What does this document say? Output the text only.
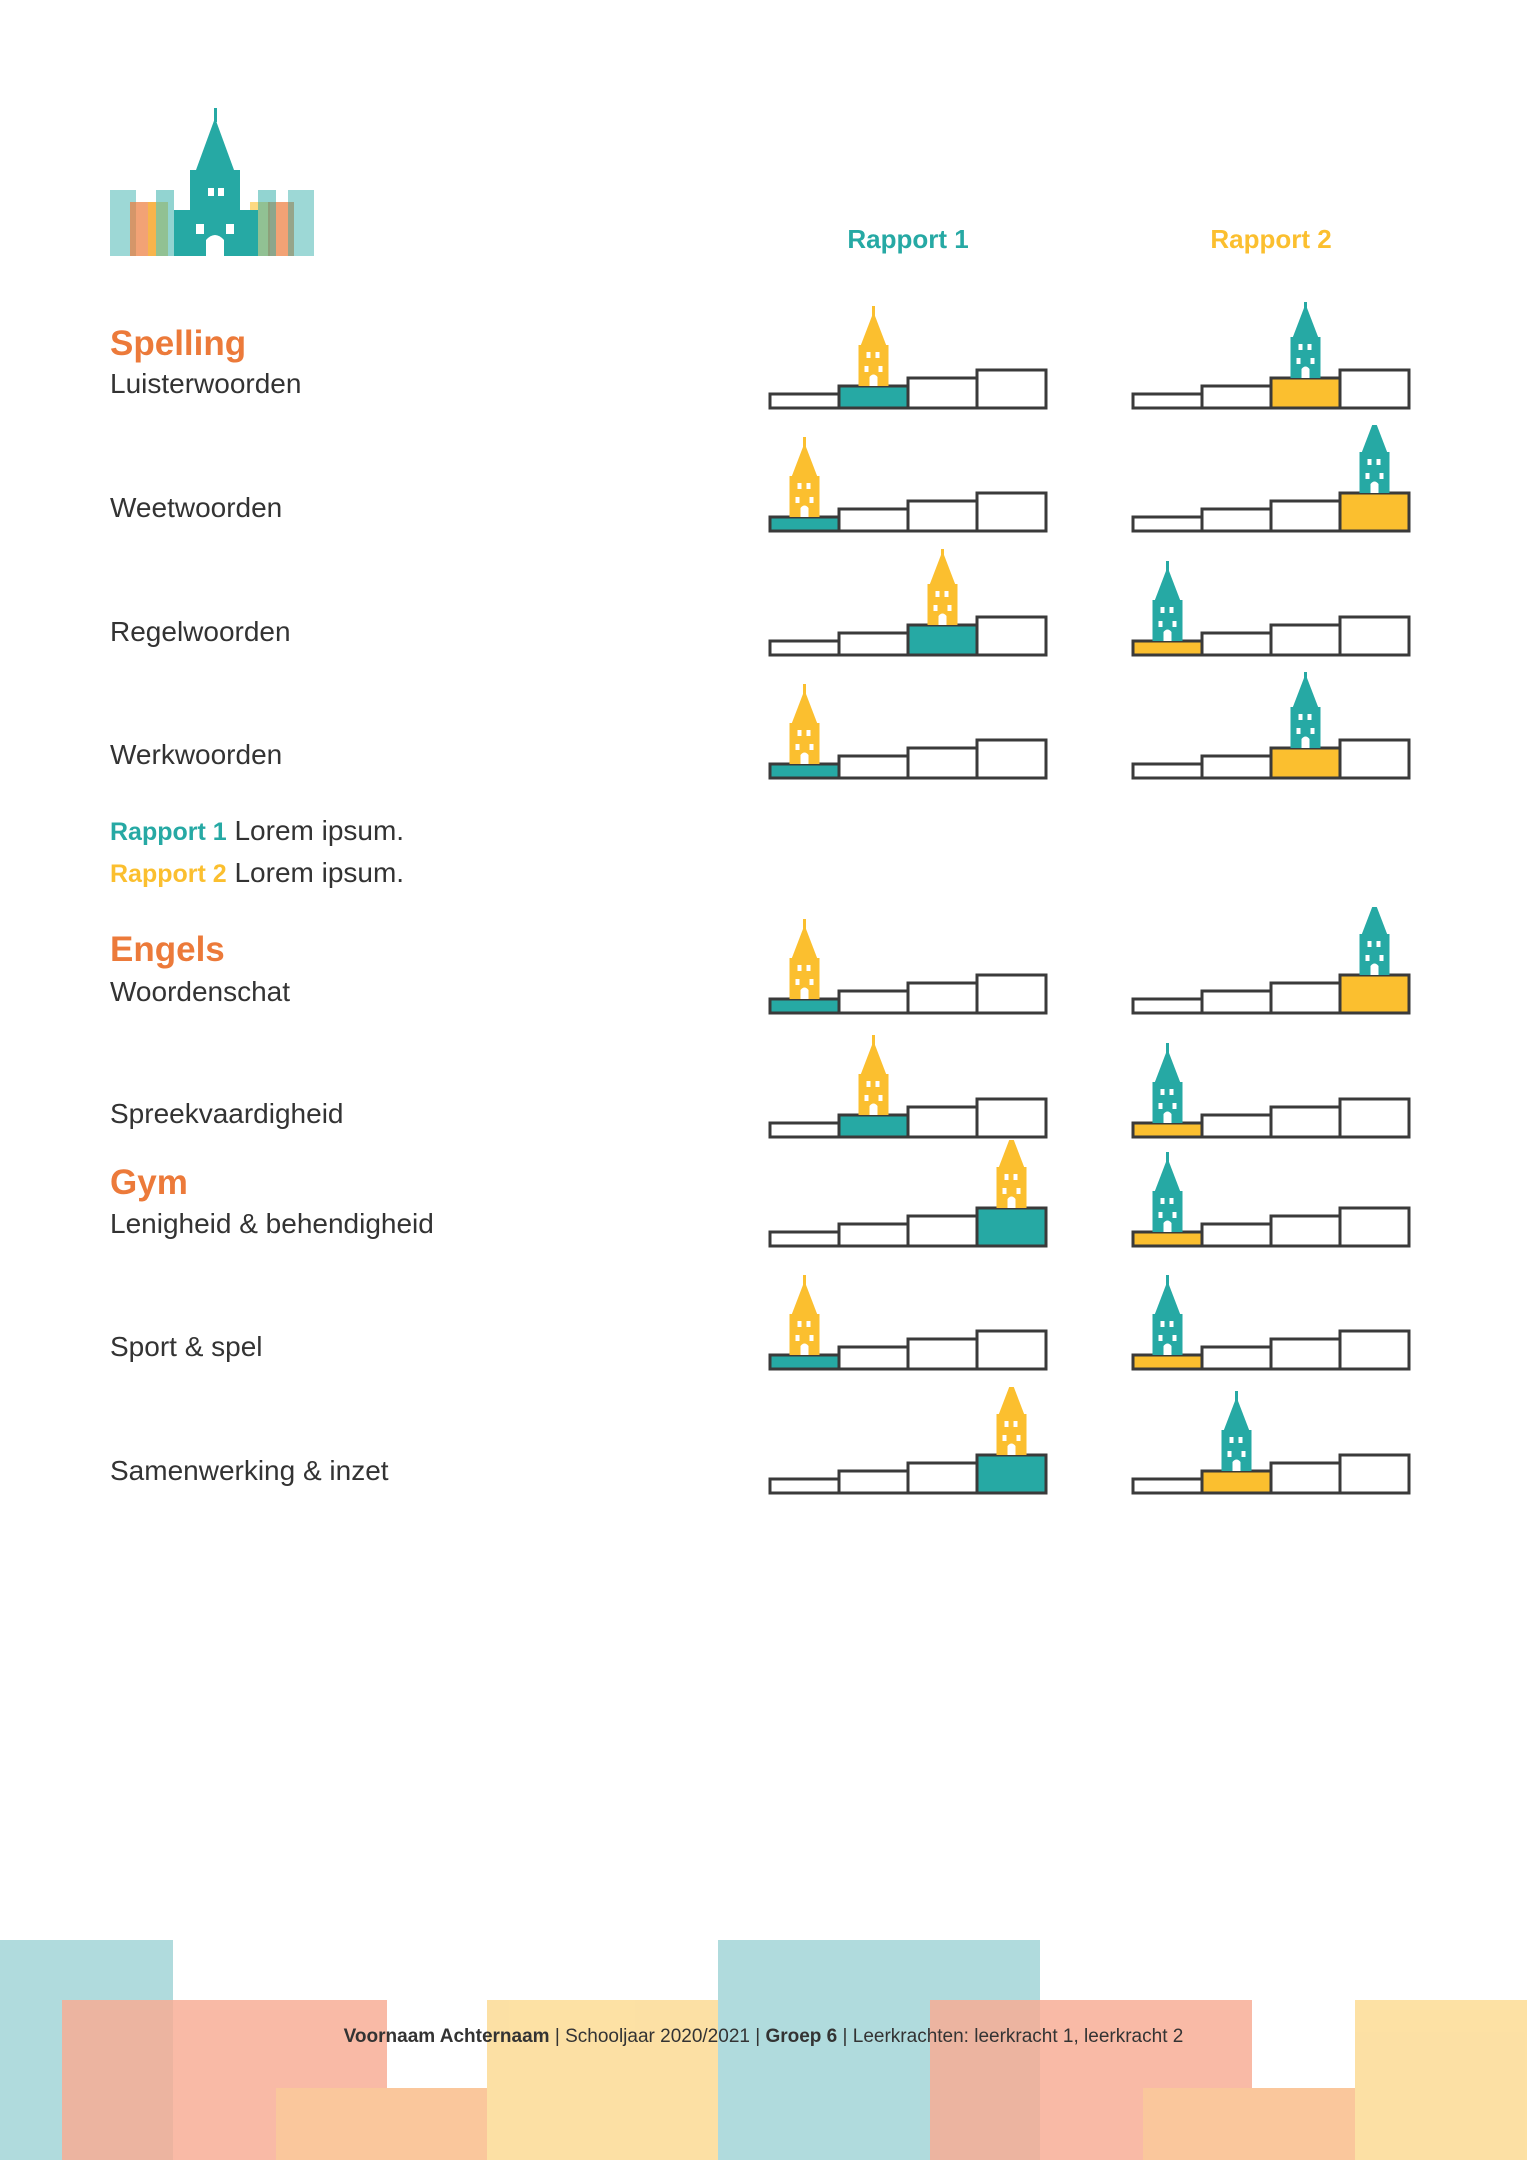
Rapport 1	Rapport 2
Spelling
Luisterwoorden
Weetwoorden
Regelwoorden
Werkwoorden
Rapport 1 Lorem ipsum.
Rapport 2 Lorem ipsum.
Engels
Woordenschat
Spreekvaardigheid
Gym
Lenigheid & behendigheid
Sport & spel
Samenwerking & inzet
Voornaam Achternaam | Schooljaar 2020/2021 | Groep 6 | Leerkrachten: leerkracht 1, leerkracht 2
